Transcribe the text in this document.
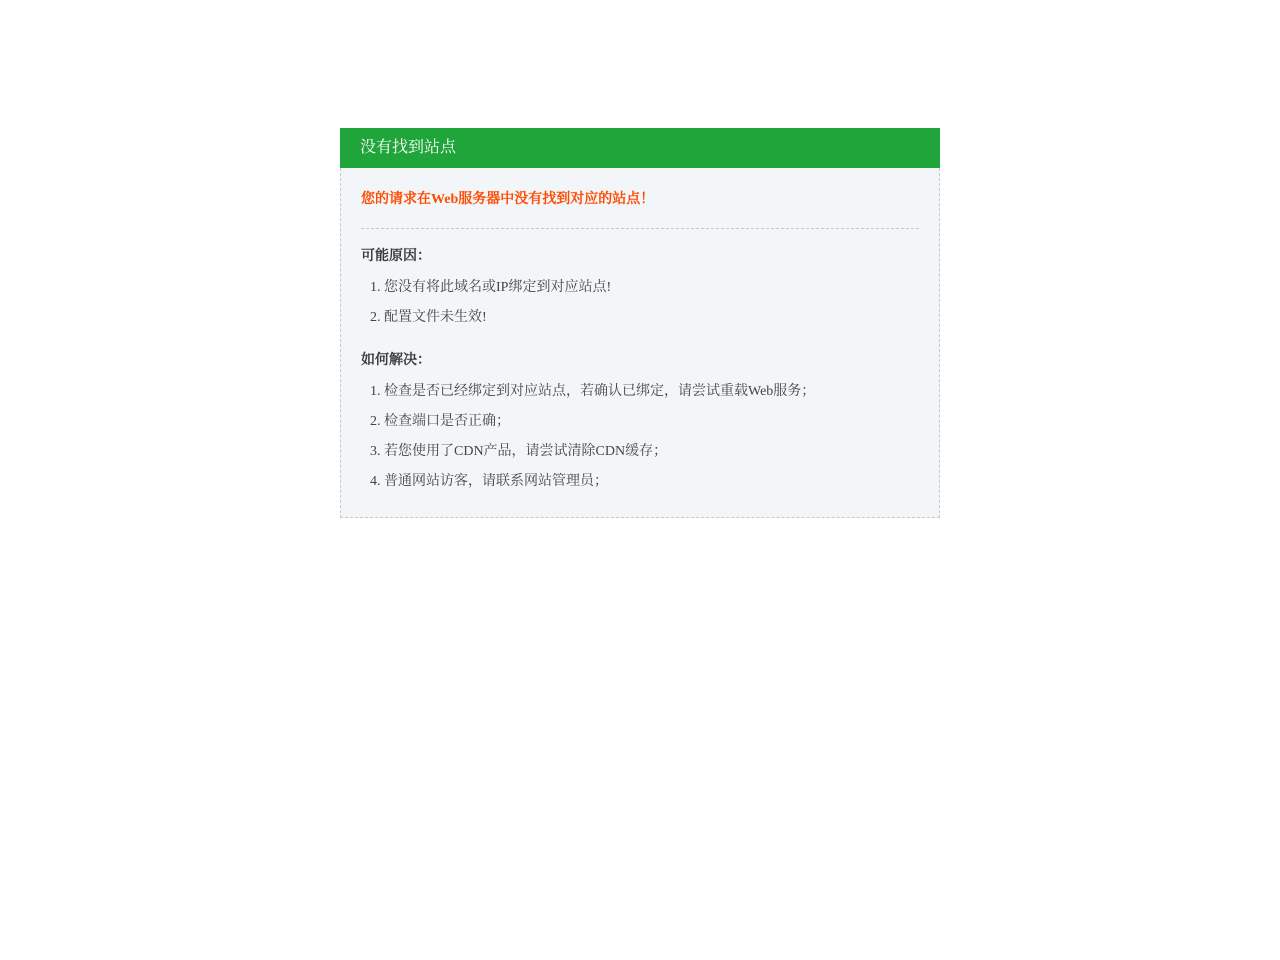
没有找到站点

您的请求在Web服务器中没有找到对应的站点！

可能原因：

1. 您没有将此域名或IP绑定到对应站点!
2. 配置文件未生效!

如何解决：

1. 检查是否已经绑定到对应站点，若确认已绑定，请尝试重载Web服务；
2. 检查端口是否正确；
3. 若您使用了CDN产品，请尝试清除CDN缓存；
4. 普通网站访客，请联系网站管理员；
